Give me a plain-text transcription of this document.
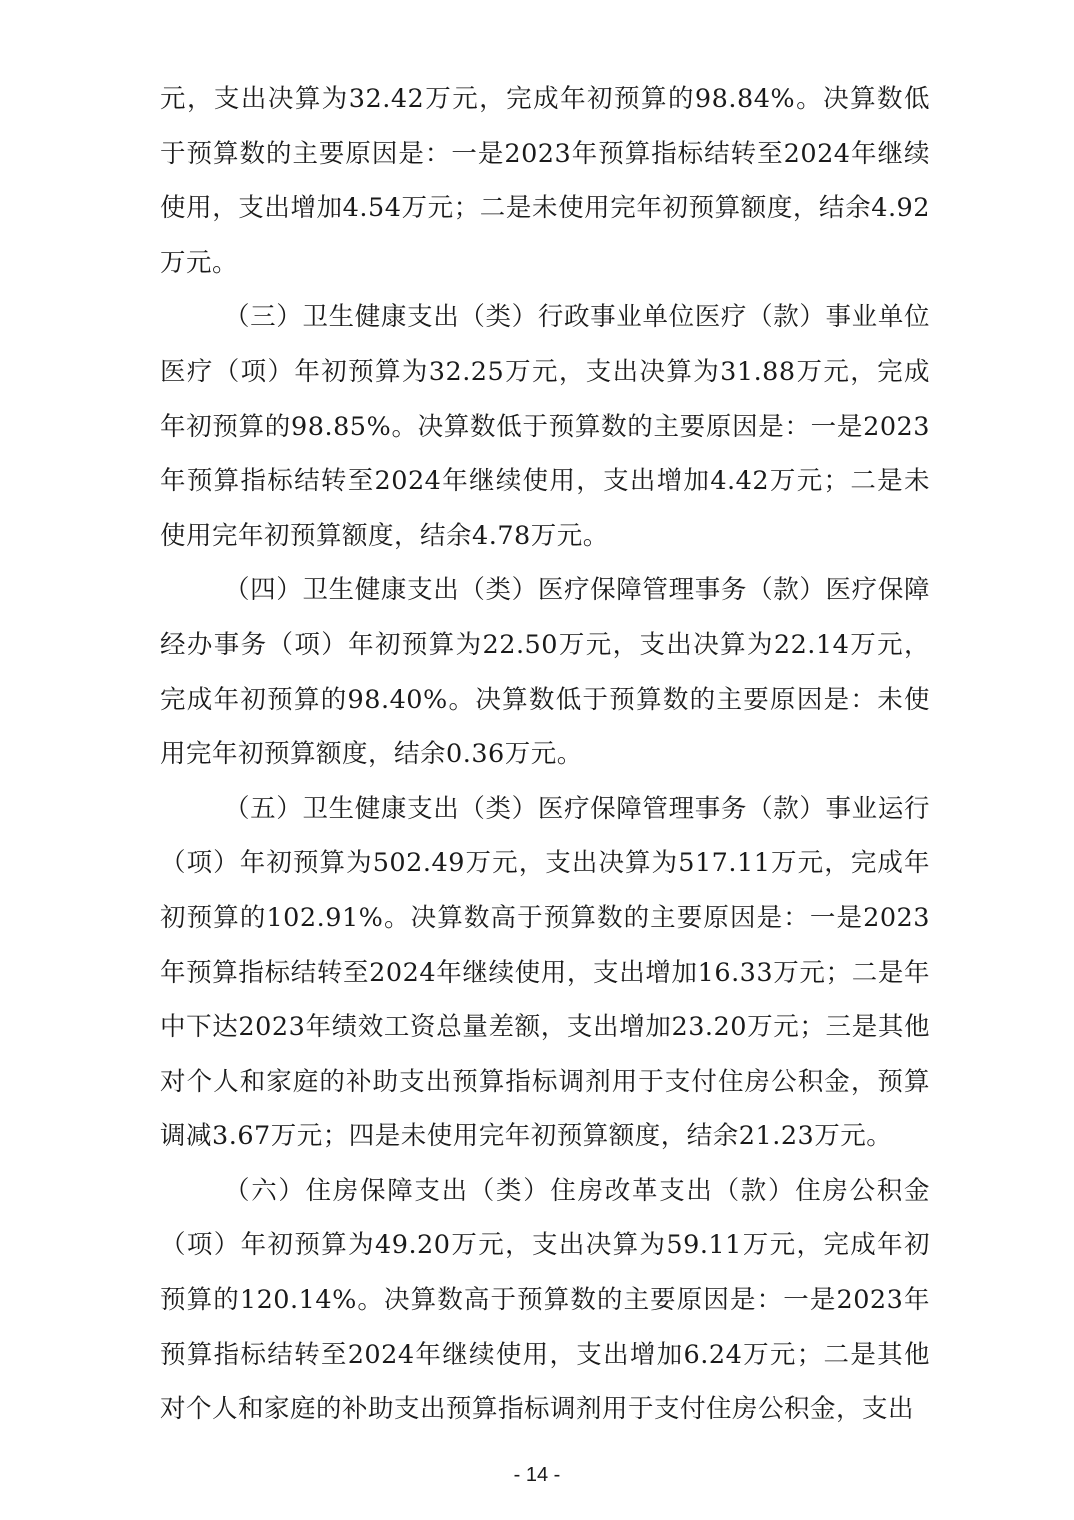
元，支出决算为32.42万元，完成年初预算的98.84%。决算数低于预算数的主要原因是：一是2023年预算指标结转至2024年继续使用，支出增加4.54万元；二是未使用完年初预算额度，结余4.92万元。

（三）卫生健康支出（类）行政事业单位医疗（款）事业单位医疗（项）年初预算为32.25万元，支出决算为31.88万元，完成年初预算的98.85%。决算数低于预算数的主要原因是：一是2023年预算指标结转至2024年继续使用，支出增加4.42万元；二是未使用完年初预算额度，结余4.78万元。

（四）卫生健康支出（类）医疗保障管理事务（款）医疗保障经办事务（项）年初预算为22.50万元，支出决算为22.14万元，完成年初预算的98.40%。决算数低于预算数的主要原因是：未使用完年初预算额度，结余0.36万元。

（五）卫生健康支出（类）医疗保障管理事务（款）事业运行（项）年初预算为502.49万元，支出决算为517.11万元，完成年初预算的102.91%。决算数高于预算数的主要原因是：一是2023年预算指标结转至2024年继续使用，支出增加16.33万元；二是年中下达2023年绩效工资总量差额，支出增加23.20万元；三是其他对个人和家庭的补助支出预算指标调剂用于支付住房公积金，预算调减3.67万元；四是未使用完年初预算额度，结余21.23万元。

（六）住房保障支出（类）住房改革支出（款）住房公积金（项）年初预算为49.20万元，支出决算为59.11万元，完成年初预算的120.14%。决算数高于预算数的主要原因是：一是2023年预算指标结转至2024年继续使用，支出增加6.24万元；二是其他对个人和家庭的补助支出预算指标调剂用于支付住房公积金，支出

- 14 -
